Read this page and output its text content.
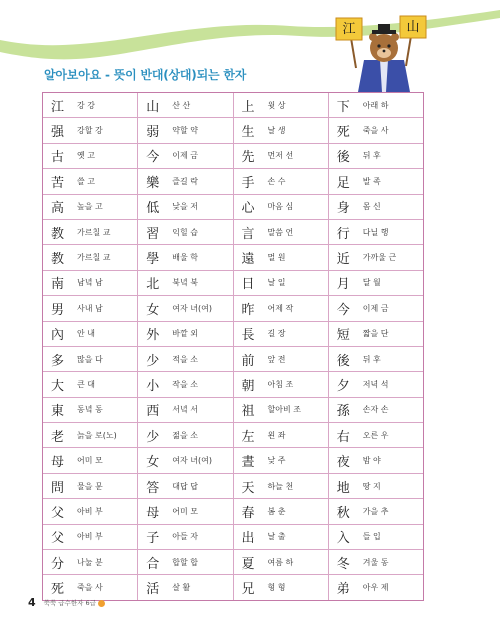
江	山
알아보아요 - 뜻이 반대(상대)되는 한자
江	강 강	山	산 산	上	윗 상	下	아래 하
强	강할 강	弱	약할 약	生	날 생	死	죽을 사
古	옛 고	今	이제 금	先	먼저 선	後	뒤 후
苦	쓸 고	樂	즐길 락	手	손 수	足	발 족
高	높을 고	低	낮을 저	心	마음 심	身	몸 신
教	가르칠 교	習	익힐 습	言	말씀 언	行	다닐 행
教	가르칠 교	學	배울 학	遠	멀 원	近	가까울 근
南	남녘 남	北	북녘 북	日	날 일	月	달 월
男	사내 남	女	여자 녀(여)	昨	어제 작	今	이제 금
內	안 내	外	바깥 외	長	길 장	短	짧을 단
多	많을 다	少	적을 소	前	앞 전	後	뒤 후
大	큰 대	小	작을 소	朝	아침 조	夕	저녁 석
東	동녘 동	西	서녘 서	祖	할아비 조	孫	손자 손
老	늙을 로(노)	少	젊을 소	左	왼 좌	右	오른 우
母	어미 모	女	여자 녀(여)	晝	낮 주	夜	밤 야
問	물을 문	答	대답 답	天	하늘 천	地	땅 지
父	아비 부	母	어미 모	春	봄 춘	秋	가을 추
父	아비 부	子	아들 자	出	날 출	入	들 입
分	나눌 분	合	합할 합	夏	여름 하	冬	겨울 동
死	죽을 사	活	살 활	兄	형 형	弟	아우 제
4 쑥쑥 급수한자 6급
